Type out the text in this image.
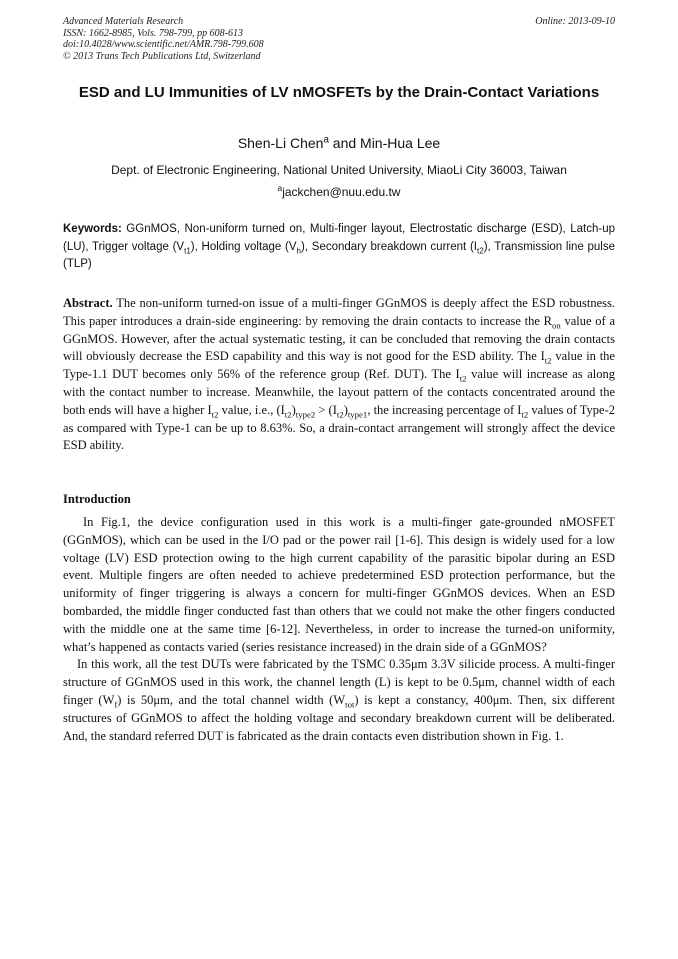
Advanced Materials Research
ISSN: 1662-8985, Vols. 798-799, pp 608-613
doi:10.4028/www.scientific.net/AMR.798-799.608
© 2013 Trans Tech Publications Ltd, Switzerland
Online: 2013-09-10
ESD and LU Immunities of LV nMOSFETs by the Drain-Contact Variations
Shen-Li Chen$^a$ and Min-Hua Lee
Dept. of Electronic Engineering, National United University, MiaoLi City 36003, Taiwan
$^a$jackchen@nuu.edu.tw
Keywords: GGnMOS, Non-uniform turned on, Multi-finger layout, Electrostatic discharge (ESD), Latch-up (LU), Trigger voltage $(V_{t1})$, Holding voltage $(V_h)$, Secondary breakdown current $(I_{t2})$, Transmission line pulse (TLP)
Abstract. The non-uniform turned-on issue of a multi-finger GGnMOS is deeply affect the ESD robustness. This paper introduces a drain-side engineering: by removing the drain contacts to increase the $R_{on}$ value of a GGnMOS. However, after the actual systematic testing, it can be concluded that removing the drain contacts will obviously decrease the ESD capability and this way is not good for the ESD ability. The $I_{t2}$ value in the Type-1.1 DUT becomes only 56% of the reference group (Ref. DUT). The $I_{t2}$ value will increase as along with the contact number to increase. Meanwhile, the layout pattern of the contacts concentrated around the both ends will have a higher $I_{t2}$ value, i.e., $(I_{t2})_{type2} > (I_{t2})_{type1}$, the increasing percentage of $I_{t2}$ values of Type-2 as compared with Type-1 can be up to 8.63%. So, a drain-contact arrangement will strongly affect the device ESD ability.
Introduction

In Fig.1, the device configuration used in this work is a multi-finger gate-grounded nMOSFET (GGnMOS), which can be used in the I/O pad or the power rail [1-6]. This design is widely used for a low voltage (LV) ESD protection owing to the high current capability of the parasitic bipolar during an ESD event. Multiple fingers are often needed to achieve predetermined ESD protection performance, but the uniformity of finger triggering is always a concern for multi-finger GGnMOS devices. When an ESD bombarded, the middle finger conducted fast than others that we could not make the other fingers conducted with the middle one at the same time [6-12]. Nevertheless, in order to increase the turned-on uniformity, what’s happened as contacts varied (series resistance increased) in the drain side of a GGnMOS?

In this work, all the test DUTs were fabricated by the TSMC 0.35μm 3.3V silicide process. A multi-finger structure of GGnMOS used in this work, the channel length (L) is kept to be 0.5μm, channel width of each finger $(W_f)$ is 50μm, and the total channel width $(W_{tot})$ is kept a constancy, 400μm. Then, six different structures of GGnMOS to affect the holding voltage and secondary breakdown current will be deliberated. And, the standard referred DUT is fabricated as the drain contacts even distribution shown in Fig. 1.
